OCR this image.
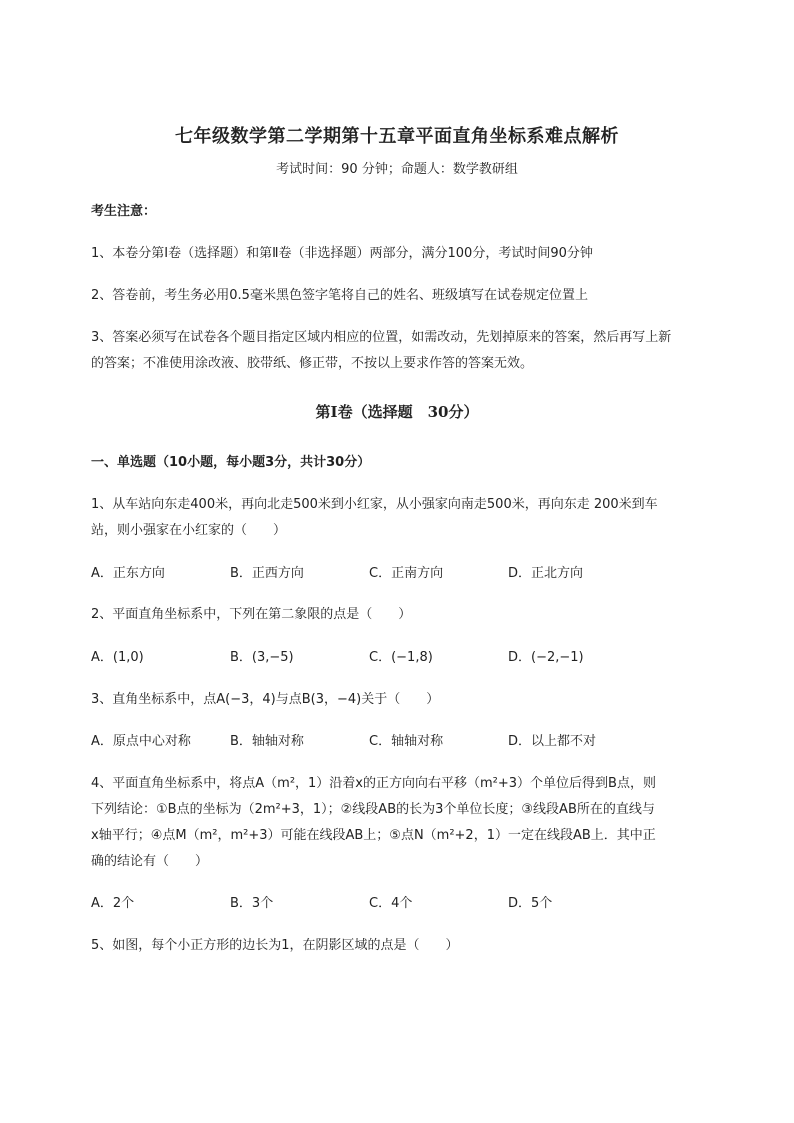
七年级数学第二学期第十五章平面直角坐标系难点解析
考试时间：90 分钟；命题人：数学教研组
考生注意：
1、本卷分第Ⅰ卷（选择题）和第Ⅱ卷（非选择题）两部分，满分100分，考试时间90分钟
2、答卷前，考生务必用0.5毫米黑色签字笔将自己的姓名、班级填写在试卷规定位置上
3、答案必须写在试卷各个题目指定区域内相应的位置，如需改动，先划掉原来的答案，然后再写上新
的答案；不准使用涂改液、胶带纸、修正带，不按以上要求作答的答案无效。
第Ⅰ卷（选择题　30分）
一、单选题（10小题，每小题3分，共计30分）
1、从车站向东走400米，再向北走500米到小红家，从小强家向南走500米，再向东走 200米到车
站，则小强家在小红家的（　　）
A．正东方向	B．正西方向	C．正南方向	D．正北方向
2、平面直角坐标系中，下列在第二象限的点是（　　）
A．(1,0)	B．(3,−5)	C．(−1,8)	D．(−2,−1)
3、直角坐标系中，点A(−3，4)与点B(3，−4)关于（　　）
A．原点中心对称	B．轴轴对称	C．轴轴对称	D．以上都不对
4、平面直角坐标系中，将点A（m²，1）沿着x的正方向向右平移（m²+3）个单位后得到B点，则
下列结论：①B点的坐标为（2m²+3，1）；②线段AB的长为3个单位长度；③线段AB所在的直线与
x轴平行；④点M（m²，m²+3）可能在线段AB上；⑤点N（m²+2，1）一定在线段AB上．其中正
确的结论有（　　）
A．2个	B．3个	C．4个	D．5个
5、如图，每个小正方形的边长为1，在阴影区域的点是（　　）
